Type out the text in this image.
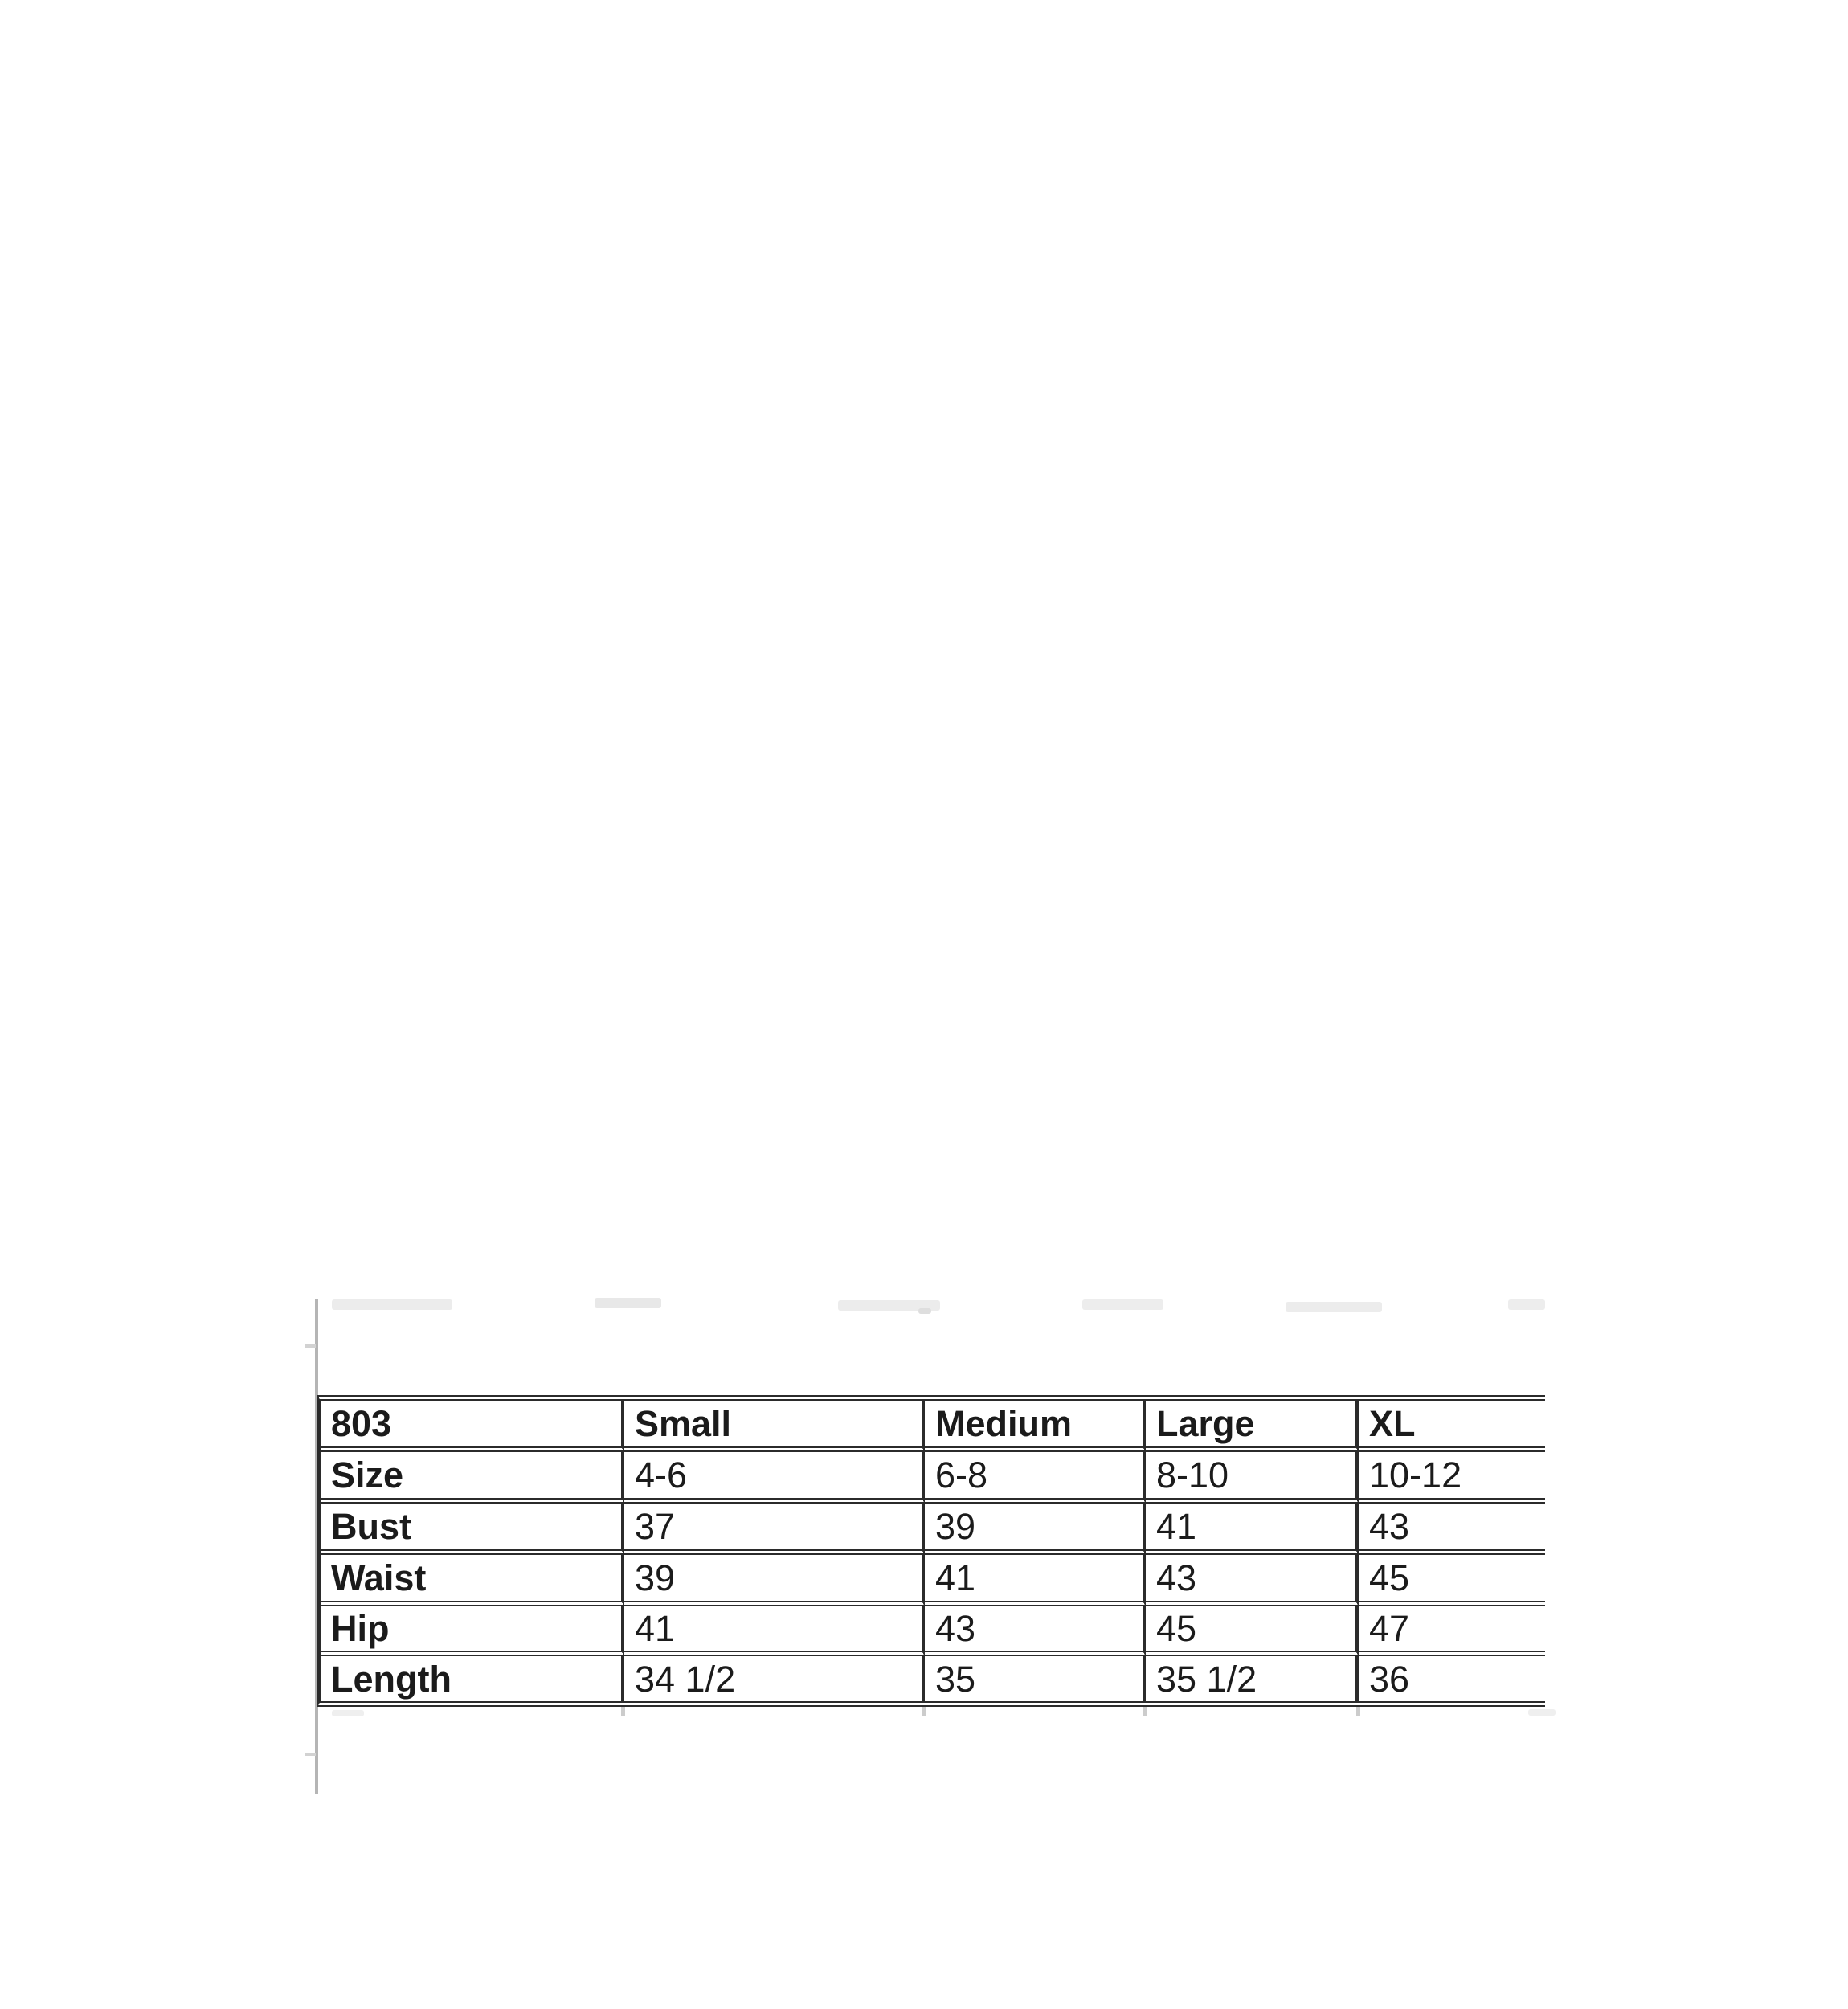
803	Small	Medium	Large	XL
Size	4-6	6-8	8-10	10-12
Bust	37	39	41	43
Waist	39	41	43	45
Hip	41	43	45	47
Length	34 1/2	35	35 1/2	36
